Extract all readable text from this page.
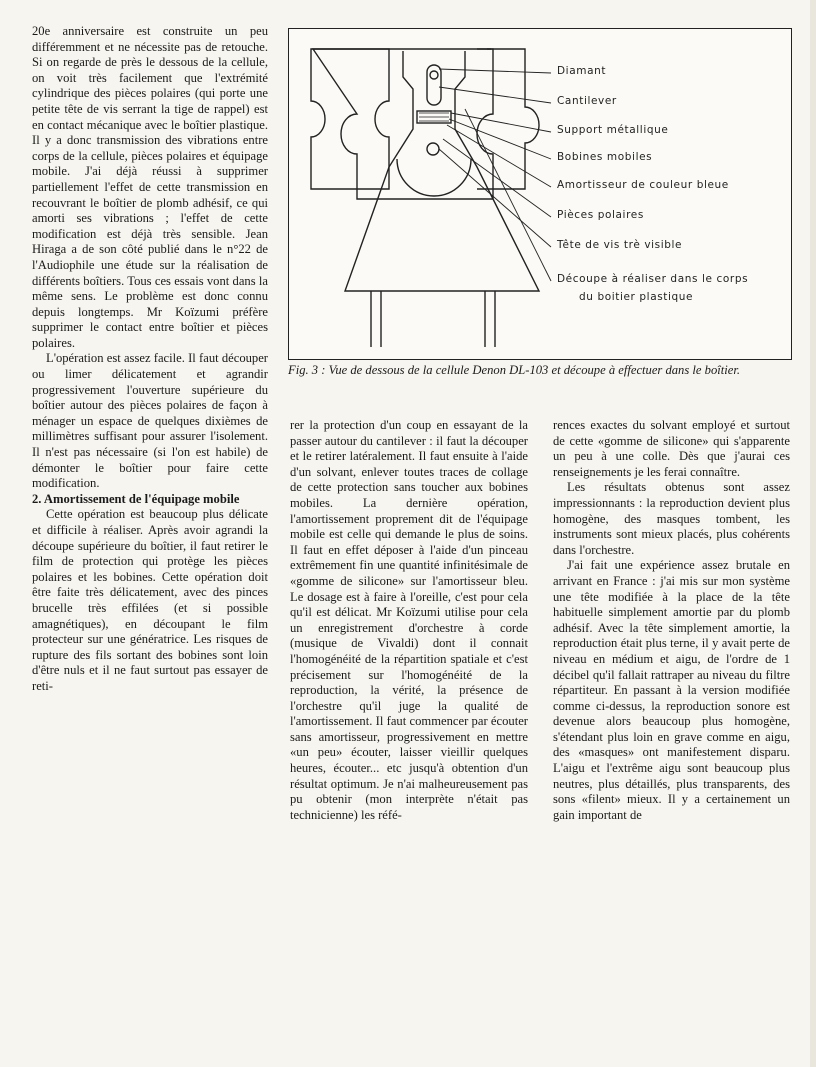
20e anniversaire est construite un peu différemment et ne nécessite pas de retouche. Si on regarde de près le dessous de la cellule, on voit très facilement que l'extrémité cylindrique des pièces polaires (qui porte une petite tête de vis serrant la tige de rappel) est en contact mécanique avec le boîtier plastique. Il y a donc transmission des vibrations entre corps de la cellule, pièces polaires et équipage mobile. J'ai déjà réussi à supprimer partiellement l'effet de cette transmission en recouvrant le boîtier de plomb adhésif, ce qui amorti ses vibrations ; l'effet de cette modification est déjà très sensible. Jean Hiraga a de son côté publié dans le n°22 de l'Audiophile une étude sur la réalisation de différents boîtiers. Tous ces essais vont dans la même sens. Le problème est donc connu depuis longtemps. Mr Koïzumi préfère supprimer le contact entre boîtier et pièces polaires.

L'opération est assez facile. Il faut découper ou limer délicatement et agrandir progressivement l'ouverture supérieure du boîtier autour des pièces polaires de façon à ménager un espace de quelques dixièmes de millimètres suffisant pour assurer l'isolement. Il n'est pas nécessaire (si l'on est habile) de démonter le boîtier pour faire cette modification.

2. Amortissement de l'équipage mobile

Cette opération est beaucoup plus délicate et difficile à réaliser. Après avoir agrandi la découpe supérieure du boîtier, il faut retirer le film de protection qui protège les pièces polaires et les bobines. Cette opération doit être faite très délicatement, avec des pinces brucelle très effilées (et si possible amagnétiques), en découpant le film protecteur sur une génératrice. Les risques de rupture des fils sortant des bobines sont loin d'être nuls et il ne faut surtout pas essayer de reti-

Diamant
Cantilever
Support métallique
Bobines mobiles
Amortisseur de couleur bleue
Pièces polaires
Tête de vis trè visible
Découpe à réaliser dans le corps
du boitier plastique
Fig. 3 : Vue de dessous de la cellule Denon DL-103 et découpe à effectuer dans le boîtier.

rer la protection d'un coup en essayant de la passer autour du cantilever : il faut la découper et le retirer latéralement. Il faut ensuite à l'aide d'un solvant, enlever toutes traces de collage de cette protection sans toucher aux bobines mobiles. La dernière opération, l'amortissement proprement dit de l'équipage mobile est celle qui demande le plus de soins. Il faut en effet déposer à l'aide d'un pinceau extrêmement fin une quantité infinitésimale de «gomme de silicone» sur l'amortisseur bleu. Le dosage est à faire à l'oreille, c'est pour cela qu'il est délicat. Mr Koïzumi utilise pour cela un enregistrement d'orchestre à corde (musique de Vivaldi) dont il connait l'homogénéité de la répartition spatiale et c'est précisement sur l'homogénéité de la reproduction, la vérité, la présence de l'orchestre qu'il juge la qualité de l'amortissement. Il faut commencer par écouter sans amortisseur, progressivement en mettre «un peu» écouter, laisser vieillir quelques heures, écouter... etc jusqu'à obtention d'un résultat optimum. Je n'ai malheureusement pas pu obtenir (mon interprète n'était pas technicienne) les réfé-

rences exactes du solvant employé et surtout de cette «gomme de silicone» qui s'apparente un peu à une colle. Dès que j'aurai ces renseignements je les ferai connaître.

Les résultats obtenus sont assez impressionnants : la reproduction devient plus homogène, des masques tombent, les instruments sont mieux placés, plus cohérents dans l'orchestre.

J'ai fait une expérience assez brutale en arrivant en France : j'ai mis sur mon système une tête modifiée à la place de la tête habituelle simplement amortie par du plomb adhésif. Avec la tête simplement amortie, la reproduction était plus terne, il y avait perte de niveau en médium et aigu, de l'ordre de 1 décibel qu'il fallait rattraper au niveau du filtre répartiteur. En passant à la version modifiée comme ci-dessus, la reproduction sonore est devenue alors beaucoup plus homogène, s'étendant plus loin en grave comme en aigu, des «masques» ont manifestement disparu. L'aigu et l'extrême aigu sont beaucoup plus neutres, plus détaillés, plus transparents, des sons «filent» mieux. Il y a certainement un gain important de
